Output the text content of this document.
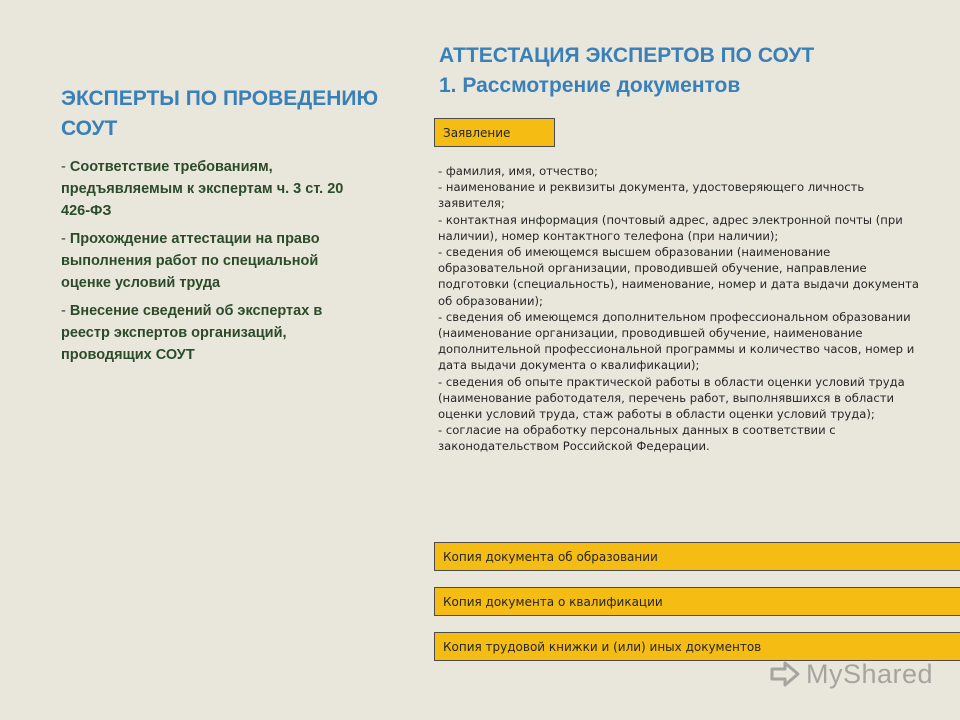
ЭКСПЕРТЫ ПО ПРОВЕДЕНИЮ СОУТ
- Соответствие требованиям, предъявляемым к экспертам ч. 3 ст. 20 426-ФЗ
- Прохождение аттестации на право выполнения работ по специальной оценке условий труда
- Внесение сведений об экспертах в реестр экспертов организаций, проводящих СОУТ
АТТЕСТАЦИЯ ЭКСПЕРТОВ ПО СОУТ
1. Рассмотрение документов
Заявление

- фамилия, имя, отчество;

- наименование и реквизиты документа, удостоверяющего личность заявителя;

- контактная информация (почтовый адрес, адрес электронной почты (при наличии), номер контактного телефона (при наличии);

- сведения об имеющемся высшем образовании (наименование образовательной организации, проводившей обучение, направление подготовки (специальность), наименование, номер и дата выдачи документа об образовании);

- сведения об имеющемся дополнительном профессиональном образовании (наименование организации, проводившей обучение, наименование дополнительной профессиональной программы и количество часов, номер и дата выдачи документа о квалификации);

- сведения об опыте практической работы в области оценки условий труда (наименование работодателя, перечень работ, выполнявшихся в области оценки условий труда, стаж работы в области оценки условий труда);

- согласие на обработку персональных данных в соответствии с законодательством Российской Федерации.

Копия документа об образовании
Копия документа о квалификации
Копия трудовой книжки и (или) иных документов
MyShared
